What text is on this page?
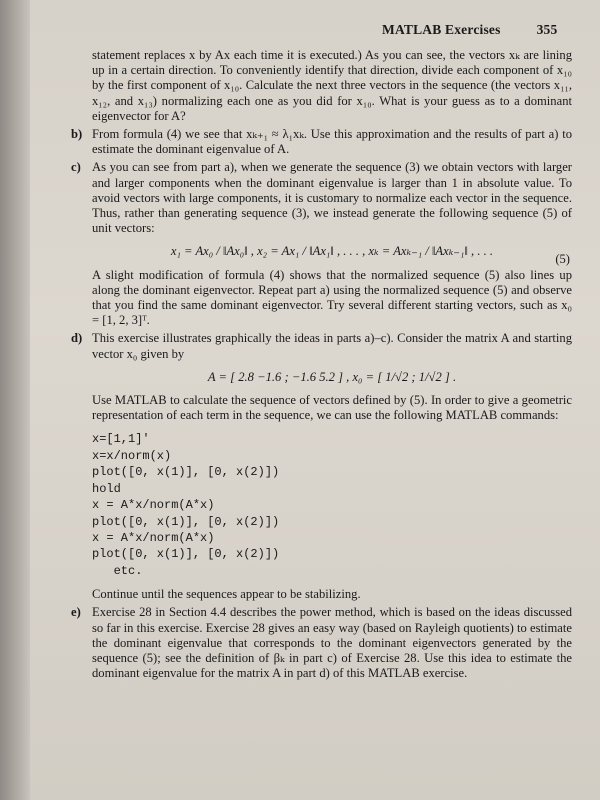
MATLAB Exercises	355

statement replaces x by Ax each time it is executed.) As you can see, the vectors xₖ are lining up in a certain direction. To conveniently identify that direction, divide each component of x₁₀ by the first component of x₁₀. Calculate the next three vectors in the sequence (the vectors x₁₁, x₁₂, and x₁₃) normalizing each one as you did for x₁₀. What is your guess as to a dominant eigenvector for A?

b) From formula (4) we see that xₖ₊₁ ≈ λ₁xₖ. Use this approximation and the results of part a) to estimate the dominant eigenvalue of A.
c) As you can see from part a), when we generate the sequence (3) we obtain vectors with larger and larger components when the dominant eigenvalue is larger than 1 in absolute value. To avoid vectors with large components, it is customary to normalize each vector in the sequence. Thus, rather than generating sequence (3), we instead generate the following sequence (5) of unit vectors:
x₁ = Ax₀ / ‖Ax₀‖ , x₂ = Ax₁ / ‖Ax₁‖ , . . . , xₖ = Axₖ₋₁ / ‖Axₖ₋₁‖ , . . .
(5)
A slight modification of formula (4) shows that the normalized sequence (5) also lines up along the dominant eigenvector. Repeat part a) using the normalized sequence (5) and observe that you find the same dominant eigenvector. Try several different starting vectors, such as x₀ = [1, 2, 3]ᵀ.
d) This exercise illustrates graphically the ideas in parts a)–c). Consider the matrix A and starting vector x₀ given by
A = [ 2.8 −1.6 ; −1.6 5.2 ] , x₀ = [ 1/√2 ; 1/√2 ] .
Use MATLAB to calculate the sequence of vectors defined by (5). In order to give a geometric representation of each term in the sequence, we can use the following MATLAB commands:
x=[1,1]'
x=x/norm(x)
plot([0, x(1)], [0, x(2)])
hold
x = A*x/norm(A*x)
plot([0, x(1)], [0, x(2)])
x = A*x/norm(A*x)
plot([0, x(1)], [0, x(2)])
etc.
Continue until the sequences appear to be stabilizing.
e) Exercise 28 in Section 4.4 describes the power method, which is based on the ideas discussed so far in this exercise. Exercise 28 gives an easy way (based on Rayleigh quotients) to estimate the dominant eigenvalue that corresponds to the dominant eigenvectors generated by the sequence (5); see the definition of βₖ in part c) of Exercise 28. Use this idea to estimate the dominant eigenvalue for the matrix A in part d) of this MATLAB exercise.
